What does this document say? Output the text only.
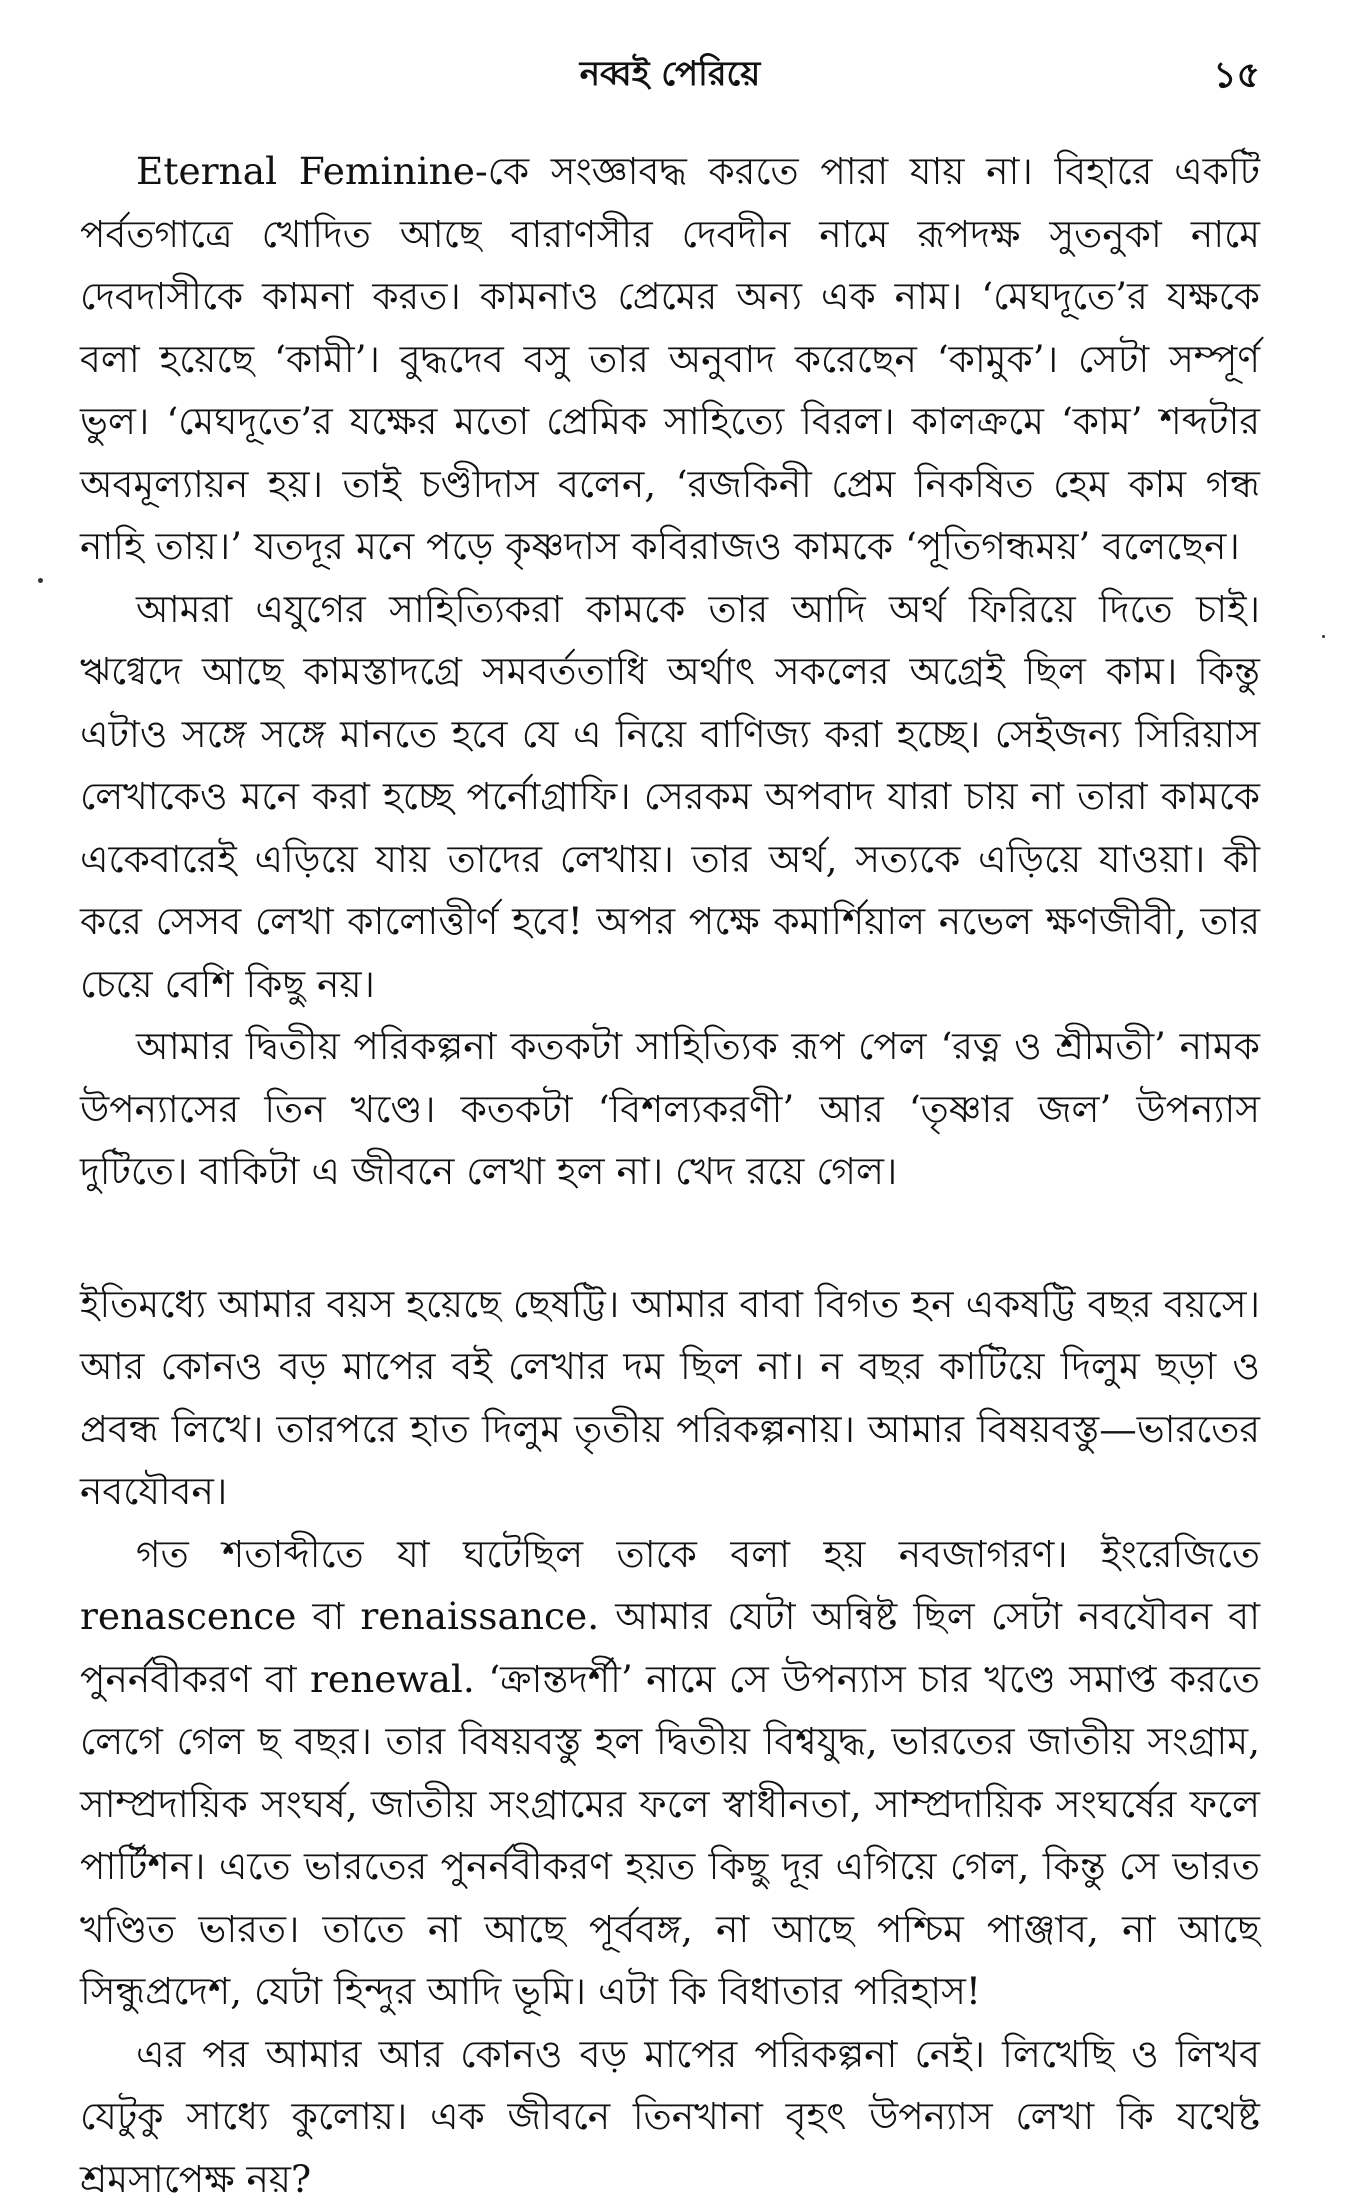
নব্বই পেরিয়ে	১৫

Eternal Feminine-কে সংজ্ঞাবদ্ধ করতে পারা যায় না। বিহারে একটি পর্বতগাত্রে খোদিত আছে বারাণসীর দেবদীন নামে রূপদক্ষ সুতনুকা নামে দেবদাসীকে কামনা করত। কামনাও প্রেমের অন্য এক নাম। ‘মেঘদূতে’র যক্ষকে বলা হয়েছে ‘কামী’। বুদ্ধদেব বসু তার অনুবাদ করেছেন ‘কামুক’। সেটা সম্পূর্ণ ভুল। ‘মেঘদূতে’র যক্ষের মতো প্রেমিক সাহিত্যে বিরল। কালক্রমে ‘কাম’ শব্দটার অবমূল্যায়ন হয়। তাই চণ্ডীদাস বলেন, ‘রজকিনী প্রেম নিকষিত হেম কাম গন্ধ নাহি তায়।’ যতদূর মনে পড়ে কৃষ্ণদাস কবিরাজও কামকে ‘পূতিগন্ধময়’ বলেছেন।

আমরা এযুগের সাহিত্যিকরা কামকে তার আদি অর্থ ফিরিয়ে দিতে চাই। ঋগ্বেদে আছে কামস্তাদগ্রে সমবর্ততাধি অর্থাৎ সকলের অগ্রেই ছিল কাম। কিন্তু এটাও সঙ্গে সঙ্গে মানতে হবে যে এ নিয়ে বাণিজ্য করা হচ্ছে। সেইজন্য সিরিয়াস লেখাকেও মনে করা হচ্ছে পর্নোগ্রাফি। সেরকম অপবাদ যারা চায় না তারা কামকে একেবারেই এড়িয়ে যায় তাদের লেখায়। তার অর্থ, সত্যকে এড়িয়ে যাওয়া। কী করে সেসব লেখা কালোত্তীর্ণ হবে! অপর পক্ষে কমার্শিয়াল নভেল ক্ষণজীবী, তার চেয়ে বেশি কিছু নয়।

আমার দ্বিতীয় পরিকল্পনা কতকটা সাহিত্যিক রূপ পেল ‘রত্ন ও শ্রীমতী’ নামক উপন্যাসের তিন খণ্ডে। কতকটা ‘বিশল্যকরণী’ আর ‘তৃষ্ণার জল’ উপন্যাস দুটিতে। বাকিটা এ জীবনে লেখা হল না। খেদ রয়ে গেল।

ইতিমধ্যে আমার বয়স হয়েছে ছেষট্টি। আমার বাবা বিগত হন একষট্টি বছর বয়সে। আর কোনও বড় মাপের বই লেখার দম ছিল না। ন বছর কাটিয়ে দিলুম ছড়া ও প্রবন্ধ লিখে। তারপরে হাত দিলুম তৃতীয় পরিকল্পনায়। আমার বিষয়বস্তু—ভারতের নবযৌবন।

গত শতাব্দীতে যা ঘটেছিল তাকে বলা হয় নবজাগরণ। ইংরেজিতে renascence বা renaissance. আমার যেটা অন্বিষ্ট ছিল সেটা নবযৌবন বা পুনর্নবীকরণ বা renewal. ‘ক্রান্তদর্শী’ নামে সে উপন্যাস চার খণ্ডে সমাপ্ত করতে লেগে গেল ছ বছর। তার বিষয়বস্তু হল দ্বিতীয় বিশ্বযুদ্ধ, ভারতের জাতীয় সংগ্রাম, সাম্প্রদায়িক সংঘর্ষ, জাতীয় সংগ্রামের ফলে স্বাধীনতা, সাম্প্রদায়িক সংঘর্ষের ফলে পার্টিশন। এতে ভারতের পুনর্নবীকরণ হয়ত কিছু দূর এগিয়ে গেল, কিন্তু সে ভারত খণ্ডিত ভারত। তাতে না আছে পূর্ববঙ্গ, না আছে পশ্চিম পাঞ্জাব, না আছে সিন্ধুপ্রদেশ, যেটা হিন্দুর আদি ভূমি। এটা কি বিধাতার পরিহাস!

এর পর আমার আর কোনও বড় মাপের পরিকল্পনা নেই। লিখেছি ও লিখব যেটুকু সাধ্যে কুলোয়। এক জীবনে তিনখানা বৃহৎ উপন্যাস লেখা কি যথেষ্ট শ্রমসাপেক্ষ নয়?
